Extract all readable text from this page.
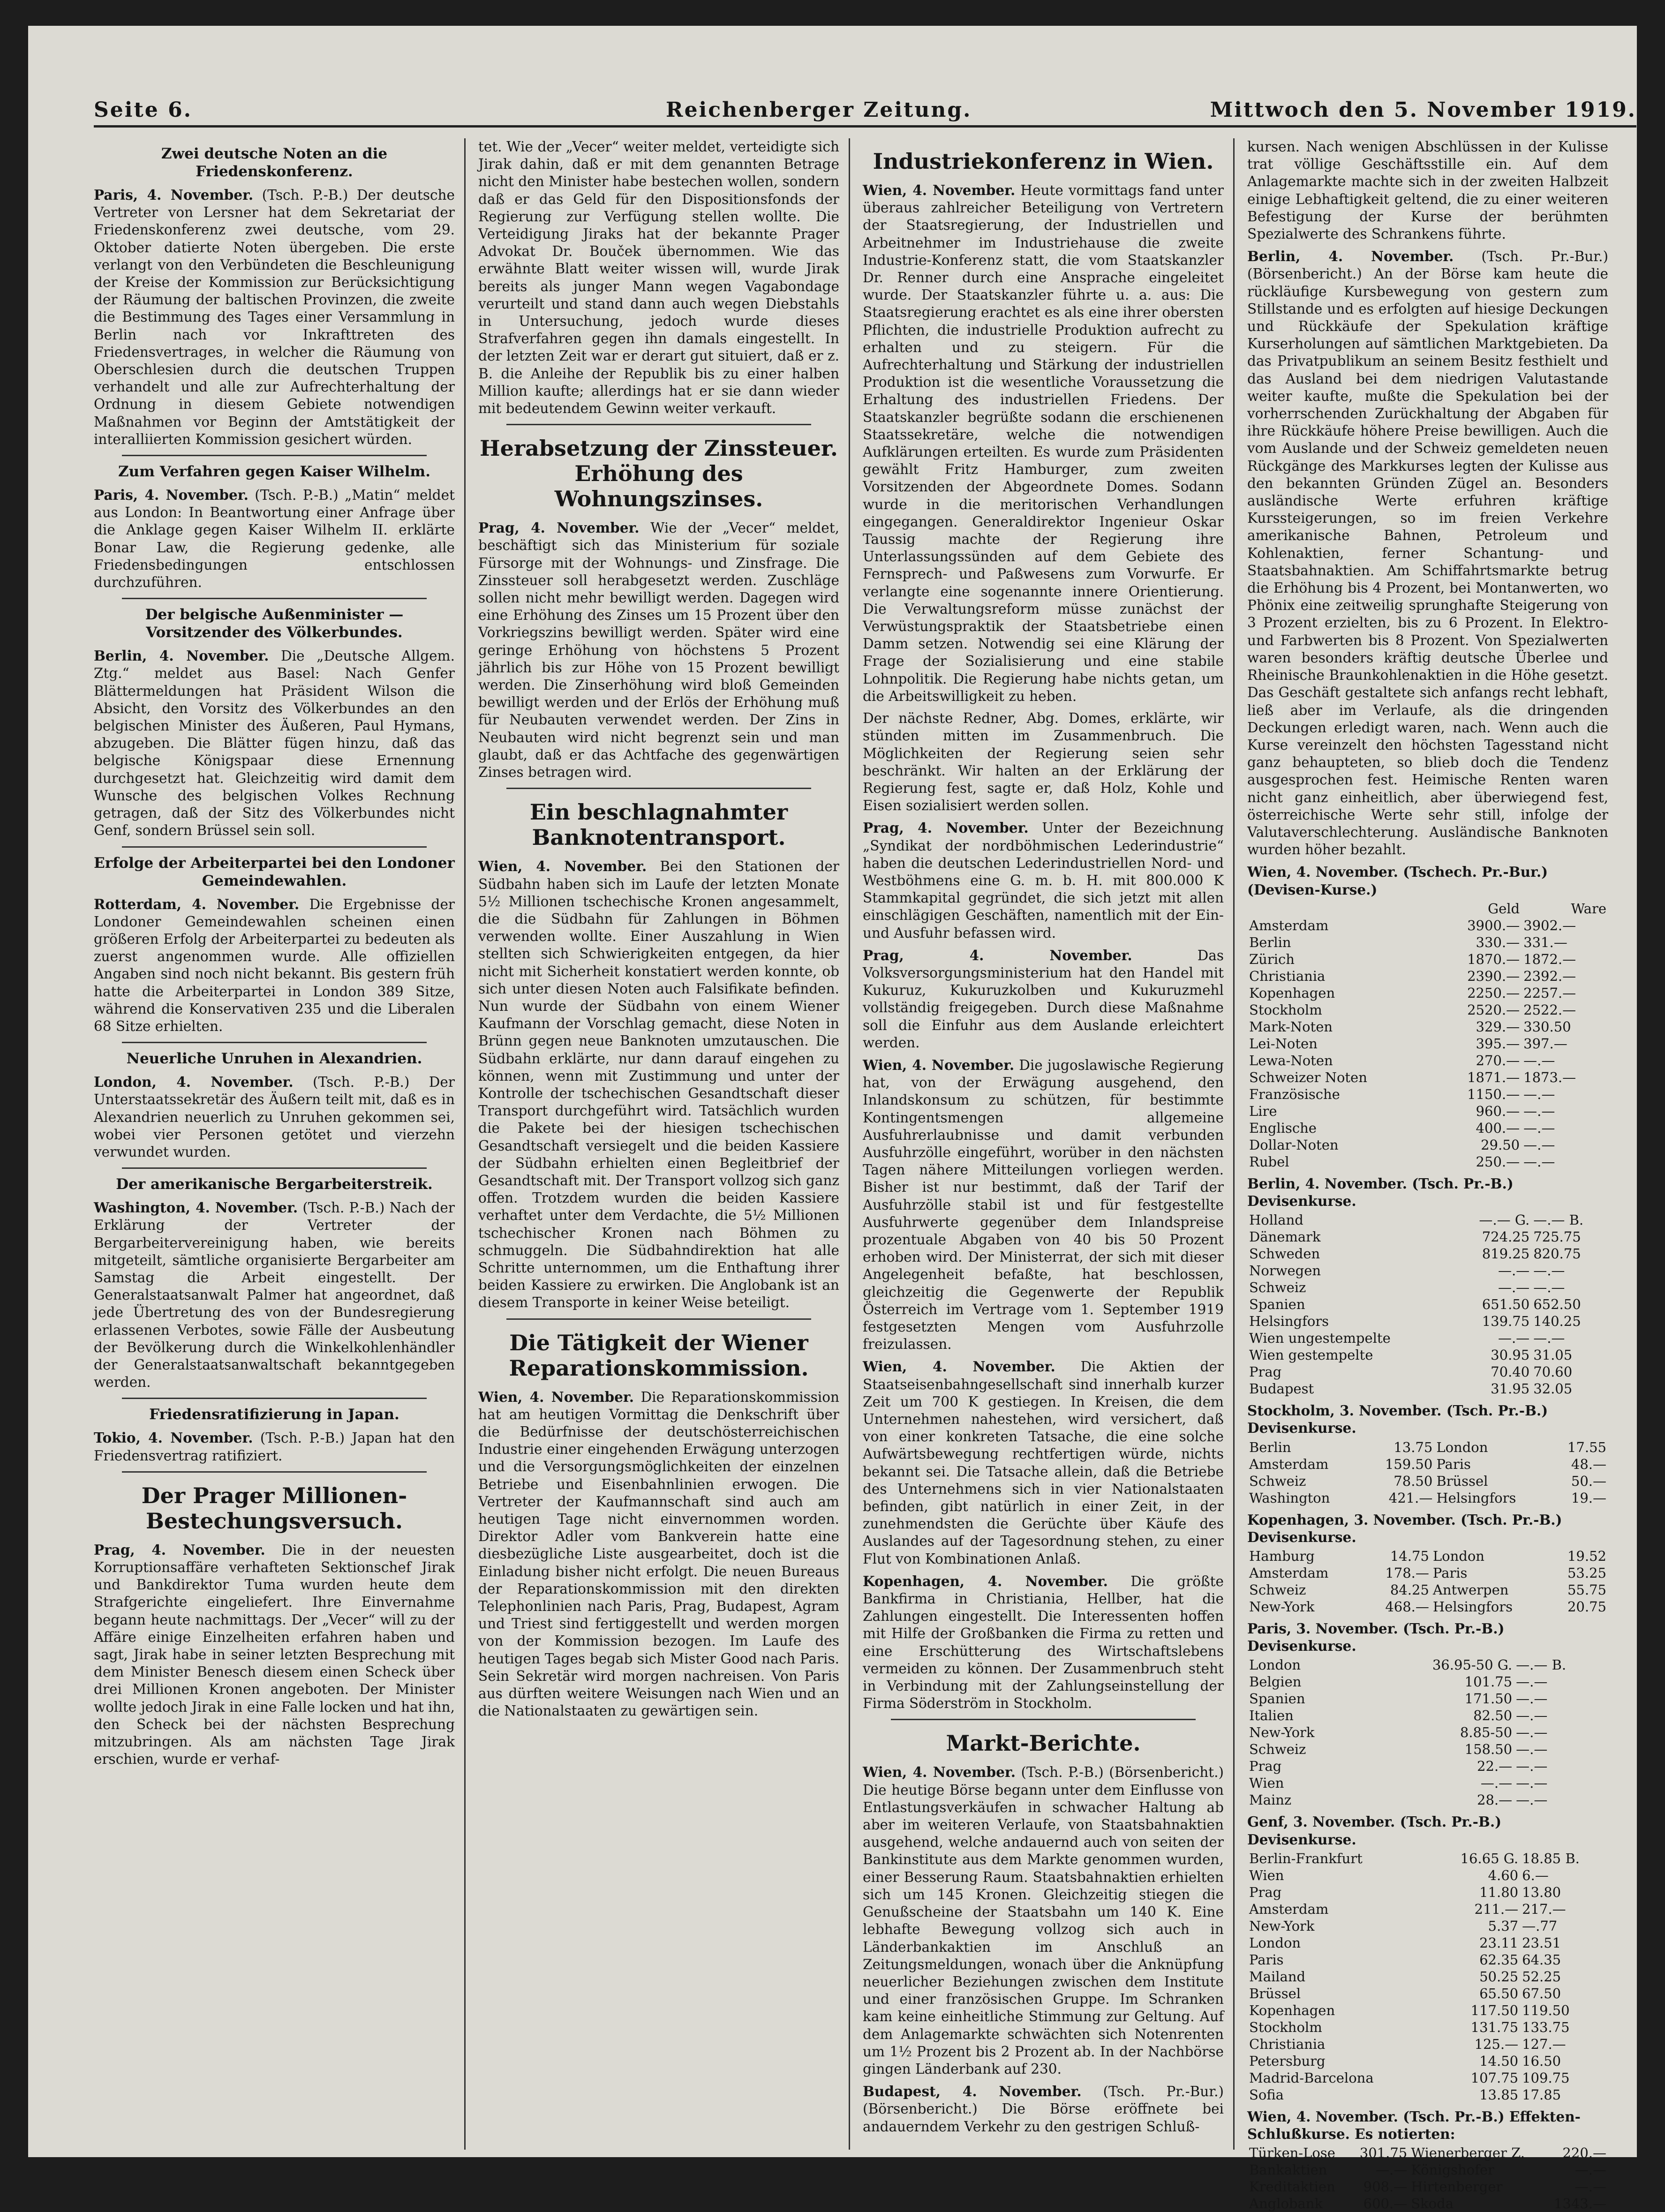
Seite 6.	Reichenberger Zeitung.	Mittwoch den 5. November 1919.
Zwei deutsche Noten an die Friedenskonferenz.

Paris, 4. November. (Tsch. P.-B.) Der deutsche Vertreter von Lersner hat dem Sekretariat der Friedenskonferenz zwei deutsche, vom 29. Oktober datierte Noten übergeben. Die erste verlangt von den Verbündeten die Beschleunigung der Kreise der Kommission zur Berücksichtigung der Räumung der baltischen Provinzen, die zweite die Bestimmung des Tages einer Versammlung in Berlin nach vor Inkrafttreten des Friedensvertrages, in welcher die Räumung von Oberschlesien durch die deutschen Truppen verhandelt und alle zur Aufrechterhaltung der Ordnung in diesem Gebiete notwendigen Maßnahmen vor Beginn der Amtstätigkeit der interalliierten Kommission gesichert würden.

Zum Verfahren gegen Kaiser Wilhelm.

Paris, 4. November. (Tsch. P.-B.) „Matin“ meldet aus London: In Beantwortung einer Anfrage über die Anklage gegen Kaiser Wilhelm II. erklärte Bonar Law, die Regierung gedenke, alle Friedensbedingungen entschlossen durchzuführen.

Der belgische Außenminister — Vorsitzender des Völkerbundes.

Berlin, 4. November. Die „Deutsche Allgem. Ztg.“ meldet aus Basel: Nach Genfer Blättermeldungen hat Präsident Wilson die Absicht, den Vorsitz des Völkerbundes an den belgischen Minister des Äußeren, Paul Hymans, abzugeben. Die Blätter fügen hinzu, daß das belgische Königspaar diese Ernennung durchgesetzt hat. Gleichzeitig wird damit dem Wunsche des belgischen Volkes Rechnung getragen, daß der Sitz des Völkerbundes nicht Genf, sondern Brüssel sein soll.

Erfolge der Arbeiterpartei bei den Londoner Gemeindewahlen.

Rotterdam, 4. November. Die Ergebnisse der Londoner Gemeindewahlen scheinen einen größeren Erfolg der Arbeiterpartei zu bedeuten als zuerst angenommen wurde. Alle offiziellen Angaben sind noch nicht bekannt. Bis gestern früh hatte die Arbeiterpartei in London 389 Sitze, während die Konservativen 235 und die Liberalen 68 Sitze erhielten.

Neuerliche Unruhen in Alexandrien.

London, 4. November. (Tsch. P.-B.) Der Unterstaatssekretär des Äußern teilt mit, daß es in Alexandrien neuerlich zu Unruhen gekommen sei, wobei vier Personen getötet und vierzehn verwundet wurden.

Der amerikanische Bergarbeiterstreik.

Washington, 4. November. (Tsch. P.-B.) Nach der Erklärung der Vertreter der Bergarbeitervereinigung haben, wie bereits mitgeteilt, sämtliche organisierte Bergarbeiter am Samstag die Arbeit eingestellt. Der Generalstaatsanwalt Palmer hat angeordnet, daß jede Übertretung des von der Bundesregierung erlassenen Verbotes, sowie Fälle der Ausbeutung der Bevölkerung durch die Winkelkohlenhändler der Generalstaatsanwaltschaft bekanntgegeben werden.

Friedensratifizierung in Japan.

Tokio, 4. November. (Tsch. P.-B.) Japan hat den Friedensvertrag ratifiziert.

Der Prager Millionen-Bestechungsversuch.

Prag, 4. November. Die in der neuesten Korruptionsaffäre verhafteten Sektionschef Jirak und Bankdirektor Tuma wurden heute dem Strafgerichte eingeliefert. Ihre Einvernahme begann heute nachmittags. Der „Vecer“ will zu der Affäre einige Einzelheiten erfahren haben und sagt, Jirak habe in seiner letzten Besprechung mit dem Minister Benesch diesem einen Scheck über drei Millionen Kronen angeboten. Der Minister wollte jedoch Jirak in eine Falle locken und hat ihn, den Scheck bei der nächsten Besprechung mitzubringen. Als am nächsten Tage Jirak erschien, wurde er verhaf-

tet. Wie der „Vecer“ weiter meldet, verteidigte sich Jirak dahin, daß er mit dem genannten Betrage nicht den Minister habe bestechen wollen, sondern daß er das Geld für den Dispositionsfonds der Regierung zur Verfügung stellen wollte. Die Verteidigung Jiraks hat der bekannte Prager Advokat Dr. Bouček übernommen. Wie das erwähnte Blatt weiter wissen will, wurde Jirak bereits als junger Mann wegen Vagabondage verurteilt und stand dann auch wegen Diebstahls in Untersuchung, jedoch wurde dieses Strafverfahren gegen ihn damals eingestellt. In der letzten Zeit war er derart gut situiert, daß er z. B. die Anleihe der Republik bis zu einer halben Million kaufte; allerdings hat er sie dann wieder mit bedeutendem Gewinn weiter verkauft.

Herabsetzung der Zinssteuer. Erhöhung des Wohnungszinses.

Prag, 4. November. Wie der „Vecer“ meldet, beschäftigt sich das Ministerium für soziale Fürsorge mit der Wohnungs- und Zinsfrage. Die Zinssteuer soll herabgesetzt werden. Zuschläge sollen nicht mehr bewilligt werden. Dagegen wird eine Erhöhung des Zinses um 15 Prozent über den Vorkriegszins bewilligt werden. Später wird eine geringe Erhöhung von höchstens 5 Prozent jährlich bis zur Höhe von 15 Prozent bewilligt werden. Die Zinserhöhung wird bloß Gemeinden bewilligt werden und der Erlös der Erhöhung muß für Neubauten verwendet werden. Der Zins in Neubauten wird nicht begrenzt sein und man glaubt, daß er das Achtfache des gegenwärtigen Zinses betragen wird.

Ein beschlagnahmter Banknotentransport.

Wien, 4. November. Bei den Stationen der Südbahn haben sich im Laufe der letzten Monate 5½ Millionen tschechische Kronen angesammelt, die die Südbahn für Zahlungen in Böhmen verwenden wollte. Einer Auszahlung in Wien stellten sich Schwierigkeiten entgegen, da hier nicht mit Sicherheit konstatiert werden konnte, ob sich unter diesen Noten auch Falsifikate befinden. Nun wurde der Südbahn von einem Wiener Kaufmann der Vorschlag gemacht, diese Noten in Brünn gegen neue Banknoten umzutauschen. Die Südbahn erklärte, nur dann darauf eingehen zu können, wenn mit Zustimmung und unter der Kontrolle der tschechischen Gesandtschaft dieser Transport durchgeführt wird. Tatsächlich wurden die Pakete bei der hiesigen tschechischen Gesandtschaft versiegelt und die beiden Kassiere der Südbahn erhielten einen Begleitbrief der Gesandtschaft mit. Der Transport vollzog sich ganz offen. Trotzdem wurden die beiden Kassiere verhaftet unter dem Verdachte, die 5½ Millionen tschechischer Kronen nach Böhmen zu schmuggeln. Die Südbahndirektion hat alle Schritte unternommen, um die Enthaftung ihrer beiden Kassiere zu erwirken. Die Anglobank ist an diesem Transporte in keiner Weise beteiligt.

Die Tätigkeit der Wiener Reparationskommission.

Wien, 4. November. Die Reparationskommission hat am heutigen Vormittag die Denkschrift über die Bedürfnisse der deutschösterreichischen Industrie einer eingehenden Erwägung unterzogen und die Versorgungsmöglichkeiten der einzelnen Betriebe und Eisenbahnlinien erwogen. Die Vertreter der Kaufmannschaft sind auch am heutigen Tage nicht einvernommen worden. Direktor Adler vom Bankverein hatte eine diesbezügliche Liste ausgearbeitet, doch ist die Einladung bisher nicht erfolgt. Die neuen Bureaus der Reparationskommission mit den direkten Telephonlinien nach Paris, Prag, Budapest, Agram und Triest sind fertiggestellt und werden morgen von der Kommission bezogen. Im Laufe des heutigen Tages begab sich Mister Good nach Paris. Sein Sekretär wird morgen nachreisen. Von Paris aus dürften weitere Weisungen nach Wien und an die Nationalstaaten zu gewärtigen sein.

Industriekonferenz in Wien.

Wien, 4. November. Heute vormittags fand unter überaus zahlreicher Beteiligung von Vertretern der Staatsregierung, der Industriellen und Arbeitnehmer im Industriehause die zweite Industrie-Konferenz statt, die vom Staatskanzler Dr. Renner durch eine Ansprache eingeleitet wurde. Der Staatskanzler führte u. a. aus: Die Staatsregierung erachtet es als eine ihrer obersten Pflichten, die industrielle Produktion aufrecht zu erhalten und zu steigern. Für die Aufrechterhaltung und Stärkung der industriellen Produktion ist die wesentliche Voraussetzung die Erhaltung des industriellen Friedens. Der Staatskanzler begrüßte sodann die erschienenen Staatssekretäre, welche die notwendigen Aufklärungen erteilten. Es wurde zum Präsidenten gewählt Fritz Hamburger, zum zweiten Vorsitzenden der Abgeordnete Domes. Sodann wurde in die meritorischen Verhandlungen eingegangen. Generaldirektor Ingenieur Oskar Taussig machte der Regierung ihre Unterlassungssünden auf dem Gebiete des Fernsprech- und Paßwesens zum Vorwurfe. Er verlangte eine sogenannte innere Orientierung. Die Verwaltungsreform müsse zunächst der Verwüstungspraktik der Staatsbetriebe einen Damm setzen. Notwendig sei eine Klärung der Frage der Sozialisierung und eine stabile Lohnpolitik. Die Regierung habe nichts getan, um die Arbeitswilligkeit zu heben.

Der nächste Redner, Abg. Domes, erklärte, wir stünden mitten im Zusammenbruch. Die Möglichkeiten der Regierung seien sehr beschränkt. Wir halten an der Erklärung der Regierung fest, sagte er, daß Holz, Kohle und Eisen sozialisiert werden sollen.

Prag, 4. November. Unter der Bezeichnung „Syndikat der nordböhmischen Lederindustrie“ haben die deutschen Lederindustriellen Nord- und Westböhmens eine G. m. b. H. mit 800.000 K Stammkapital gegründet, die sich jetzt mit allen einschlägigen Geschäften, namentlich mit der Ein- und Ausfuhr befassen wird.

Prag, 4. November. Das Volksversorgungsministerium hat den Handel mit Kukuruz, Kukuruzkolben und Kukuruzmehl vollständig freigegeben. Durch diese Maßnahme soll die Einfuhr aus dem Auslande erleichtert werden.

Wien, 4. November. Die jugoslawische Regierung hat, von der Erwägung ausgehend, den Inlandskonsum zu schützen, für bestimmte Kontingentsmengen allgemeine Ausfuhrerlaubnisse und damit verbunden Ausfuhrzölle eingeführt, worüber in den nächsten Tagen nähere Mitteilungen vorliegen werden. Bisher ist nur bestimmt, daß der Tarif der Ausfuhrzölle stabil ist und für festgestellte Ausfuhrwerte gegenüber dem Inlandspreise prozentuale Abgaben von 40 bis 50 Prozent erhoben wird. Der Ministerrat, der sich mit dieser Angelegenheit befaßte, hat beschlossen, gleichzeitig die Gegenwerte der Republik Österreich im Vertrage vom 1. September 1919 festgesetzten Mengen vom Ausfuhrzolle freizulassen.

Wien, 4. November. Die Aktien der Staatseisenbahngesellschaft sind innerhalb kurzer Zeit um 700 K gestiegen. In Kreisen, die dem Unternehmen nahestehen, wird versichert, daß von einer konkreten Tatsache, die eine solche Aufwärtsbewegung rechtfertigen würde, nichts bekannt sei. Die Tatsache allein, daß die Betriebe des Unternehmens sich in vier Nationalstaaten befinden, gibt natürlich in einer Zeit, in der zunehmendsten die Gerüchte über Käufe des Auslandes auf der Tagesordnung stehen, zu einer Flut von Kombinationen Anlaß.

Kopenhagen, 4. November. Die größte Bankfirma in Christiania, Hellber, hat die Zahlungen eingestellt. Die Interessenten hoffen mit Hilfe der Großbanken die Firma zu retten und eine Erschütterung des Wirtschaftslebens vermeiden zu können. Der Zusammenbruch steht in Verbindung mit der Zahlungseinstellung der Firma Söderström in Stockholm.

Markt-Berichte.

Wien, 4. November. (Tsch. P.-B.) (Börsenbericht.) Die heutige Börse begann unter dem Einflusse von Entlastungsverkäufen in schwacher Haltung ab aber im weiteren Verlaufe, von Staatsbahnaktien ausgehend, welche andauernd auch von seiten der Bankinstitute aus dem Markte genommen wurden, einer Besserung Raum. Staatsbahnaktien erhielten sich um 145 Kronen. Gleichzeitig stiegen die Genußscheine der Staatsbahn um 140 K. Eine lebhafte Bewegung vollzog sich auch in Länderbankaktien im Anschluß an Zeitungsmeldungen, wonach über die Anknüpfung neuerlicher Beziehungen zwischen dem Institute und einer französischen Gruppe. Im Schranken kam keine einheitliche Stimmung zur Geltung. Auf dem Anlagemarkte schwächten sich Notenrenten um 1½ Prozent bis 2 Prozent ab. In der Nachbörse gingen Länderbank auf 230.

Budapest, 4. November. (Tsch. Pr.-Bur.) (Börsenbericht.) Die Börse eröffnete bei andauerndem Verkehr zu den gestrigen Schluß-

kursen. Nach wenigen Abschlüssen in der Kulisse trat völlige Geschäftsstille ein. Auf dem Anlagemarkte machte sich in der zweiten Halbzeit einige Lebhaftigkeit geltend, die zu einer weiteren Befestigung der Kurse der berühmten Spezialwerte des Schrankens führte.

Berlin, 4. November. (Tsch. Pr.-Bur.) (Börsenbericht.) An der Börse kam heute die rückläufige Kursbewegung von gestern zum Stillstande und es erfolgten auf hiesige Deckungen und Rückkäufe der Spekulation kräftige Kurserholungen auf sämtlichen Marktgebieten. Da das Privatpublikum an seinem Besitz festhielt und das Ausland bei dem niedrigen Valutastande weiter kaufte, mußte die Spekulation bei der vorherrschenden Zurückhaltung der Abgaben für ihre Rückkäufe höhere Preise bewilligen. Auch die vom Auslande und der Schweiz gemeldeten neuen Rückgänge des Markkurses legten der Kulisse aus den bekannten Gründen Zügel an. Besonders ausländische Werte erfuhren kräftige Kurssteigerungen, so im freien Verkehre amerikanische Bahnen, Petroleum und Kohlenaktien, ferner Schantung- und Staatsbahnaktien. Am Schiffahrtsmarkte betrug die Erhöhung bis 4 Prozent, bei Montanwerten, wo Phönix eine zeitweilig sprunghafte Steigerung von 3 Prozent erzielten, bis zu 6 Prozent. In Elektro- und Farbwerten bis 8 Prozent. Von Spezialwerten waren besonders kräftig deutsche Überlee und Rheinische Braunkohlenaktien in die Höhe gesetzt. Das Geschäft gestaltete sich anfangs recht lebhaft, ließ aber im Verlaufe, als die dringenden Deckungen erledigt waren, nach. Wenn auch die Kurse vereinzelt den höchsten Tagesstand nicht ganz behaupteten, so blieb doch die Tendenz ausgesprochen fest. Heimische Renten waren nicht ganz einheitlich, aber überwiegend fest, österreichische Werte sehr still, infolge der Valutaverschlechterung. Ausländische Banknoten wurden höher bezahlt.

Wien, 4. November. (Tschech. Pr.-Bur.) (Devisen-Kurse.)
	Geld	Ware
Amsterdam	3900.—	3902.—
Berlin	330.—	331.—
Zürich	1870.—	1872.—
Christiania	2390.—	2392.—
Kopenhagen	2250.—	2257.—
Stockholm	2520.—	2522.—
Mark-Noten	329.—	330.50
Lei-Noten	395.—	397.—
Lewa-Noten	270.—	—.—
Schweizer Noten	1871.—	1873.—
Französische	1150.—	—.—
Lire	960.—	—.—
Englische	400.—	—.—
Dollar-Noten	29.50	—.—
Rubel	250.—	—.—
Berlin, 4. November. (Tsch. Pr.-B.) Devisenkurse.
Holland	—.— G.	—.— B.
Dänemark	724.25	725.75
Schweden	819.25	820.75
Norwegen	—.—	—.—
Schweiz	—.—	—.—
Spanien	651.50	652.50
Helsingfors	139.75	140.25
Wien ungestempelte	—.—	—.—
Wien gestempelte	30.95	31.05
Prag	70.40	70.60
Budapest	31.95	32.05
Stockholm, 3. November. (Tsch. Pr.-B.) Devisenkurse.
Berlin	13.75	London	17.55
Amsterdam	159.50	Paris	48.—
Schweiz	78.50	Brüssel	50.—
Washington	421.—	Helsingfors	19.—
Kopenhagen, 3. November. (Tsch. Pr.-B.) Devisenkurse.
Hamburg	14.75	London	19.52
Amsterdam	178.—	Paris	53.25
Schweiz	84.25	Antwerpen	55.75
New-York	468.—	Helsingfors	20.75
Paris, 3. November. (Tsch. Pr.-B.) Devisenkurse.
London	36.95-50 G.	—.— B.
Belgien	101.75	—.—
Spanien	171.50	—.—
Italien	82.50	—.—
New-York	8.85-50	—.—
Schweiz	158.50	—.—
Prag	22.—	—.—
Wien	—.—	—.—
Mainz	28.—	—.—
Genf, 3. November. (Tsch. Pr.-B.) Devisenkurse.
Berlin-Frankfurt	16.65 G.	18.85 B.
Wien	4.60	6.—
Prag	11.80	13.80
Amsterdam	211.—	217.—
New-York	5.37	—.77
London	23.11	23.51
Paris	62.35	64.35
Mailand	50.25	52.25
Brüssel	65.50	67.50
Kopenhagen	117.50	119.50
Stockholm	131.75	133.75
Christiania	125.—	127.—
Petersburg	14.50	16.50
Madrid-Barcelona	107.75	109.75
Sofia	13.85	17.85
Wien, 4. November. (Tsch. Pr.-B.) Effekten-Schlußkurse. Es notierten:
Türken-Lose	301.75	Wienerberger Z.	220.—
Bankaktien	—.—	Königshofer	—.—
Kreditaktien	908.—	Hirtenberger	—.—
Anglobank	600.—	Skoda	1343.—
